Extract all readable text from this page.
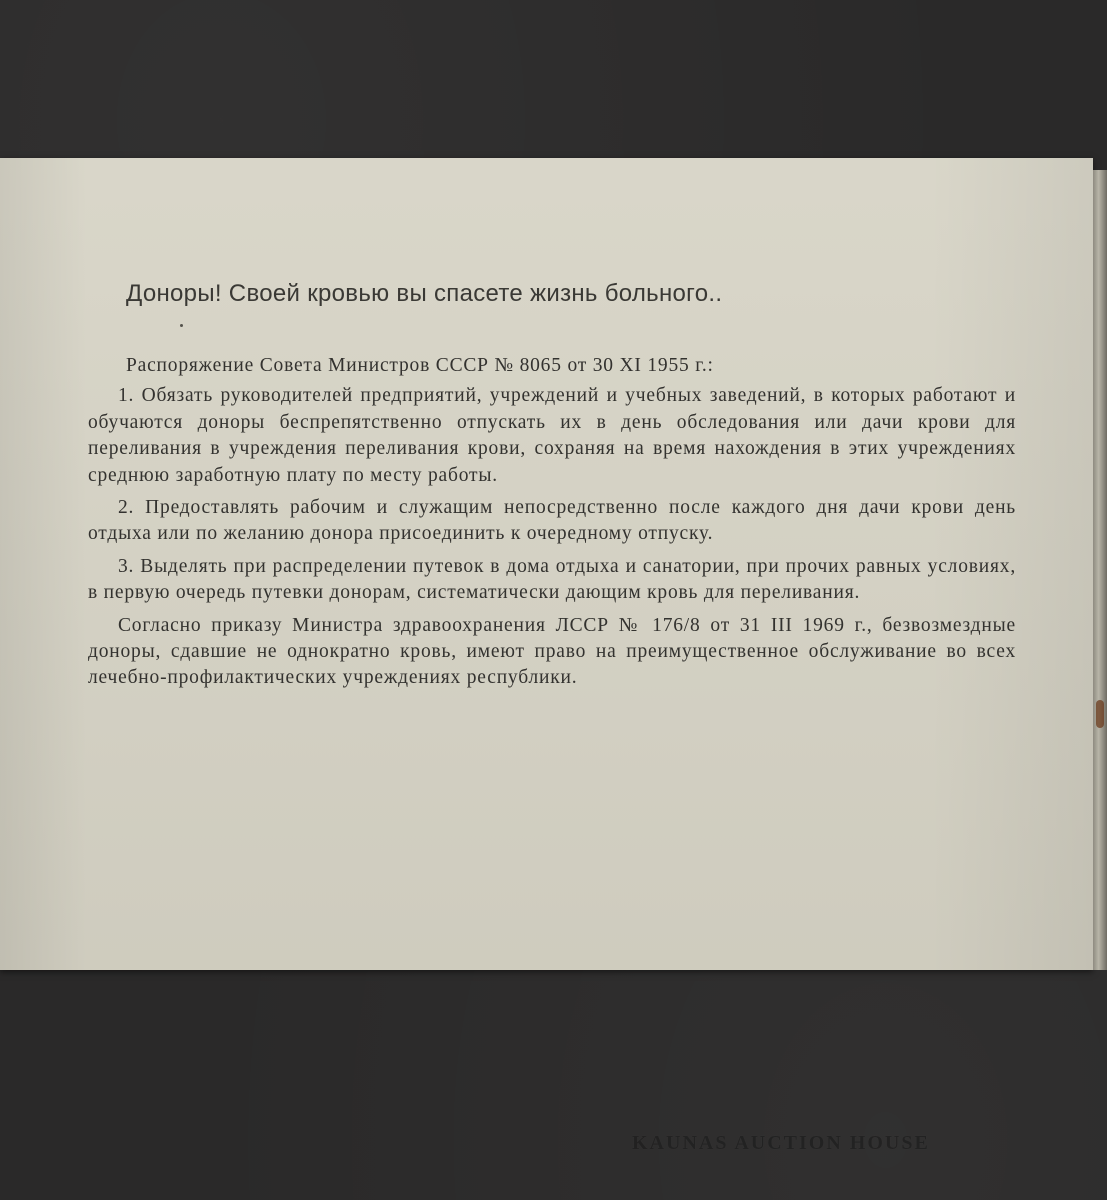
Доноры! Своей кровью вы спасете жизнь больного..

Распоряжение Совета Министров СССР № 8065 от 30 XI 1955 г.:

1. Обязать руководителей предприятий, учреждений и учебных заведений, в которых работают и обучаются доноры беспрепятственно отпускать их в день обследования или дачи крови для переливания в учреждения переливания крови, сохраняя на время нахождения в этих учреждениях среднюю заработную плату по месту работы.

2. Предоставлять рабочим и служащим непосредственно после каждого дня дачи крови день отдыха или по желанию донора присоединить к очередному отпуску.

3. Выделять при распределении путевок в дома отдыха и санатории, при прочих равных условиях, в первую очередь путевки донорам, систематически дающим кровь для переливания.

Согласно приказу Министра здравоохранения ЛССР № 176/8 от 31 III 1969 г., безвозмездные доноры, сдавшие не однократно кровь, имеют право на преимущественное обслуживание во всех лечебно-профилактических учреждениях республики.

KAUNAS AUCTION HOUSE
